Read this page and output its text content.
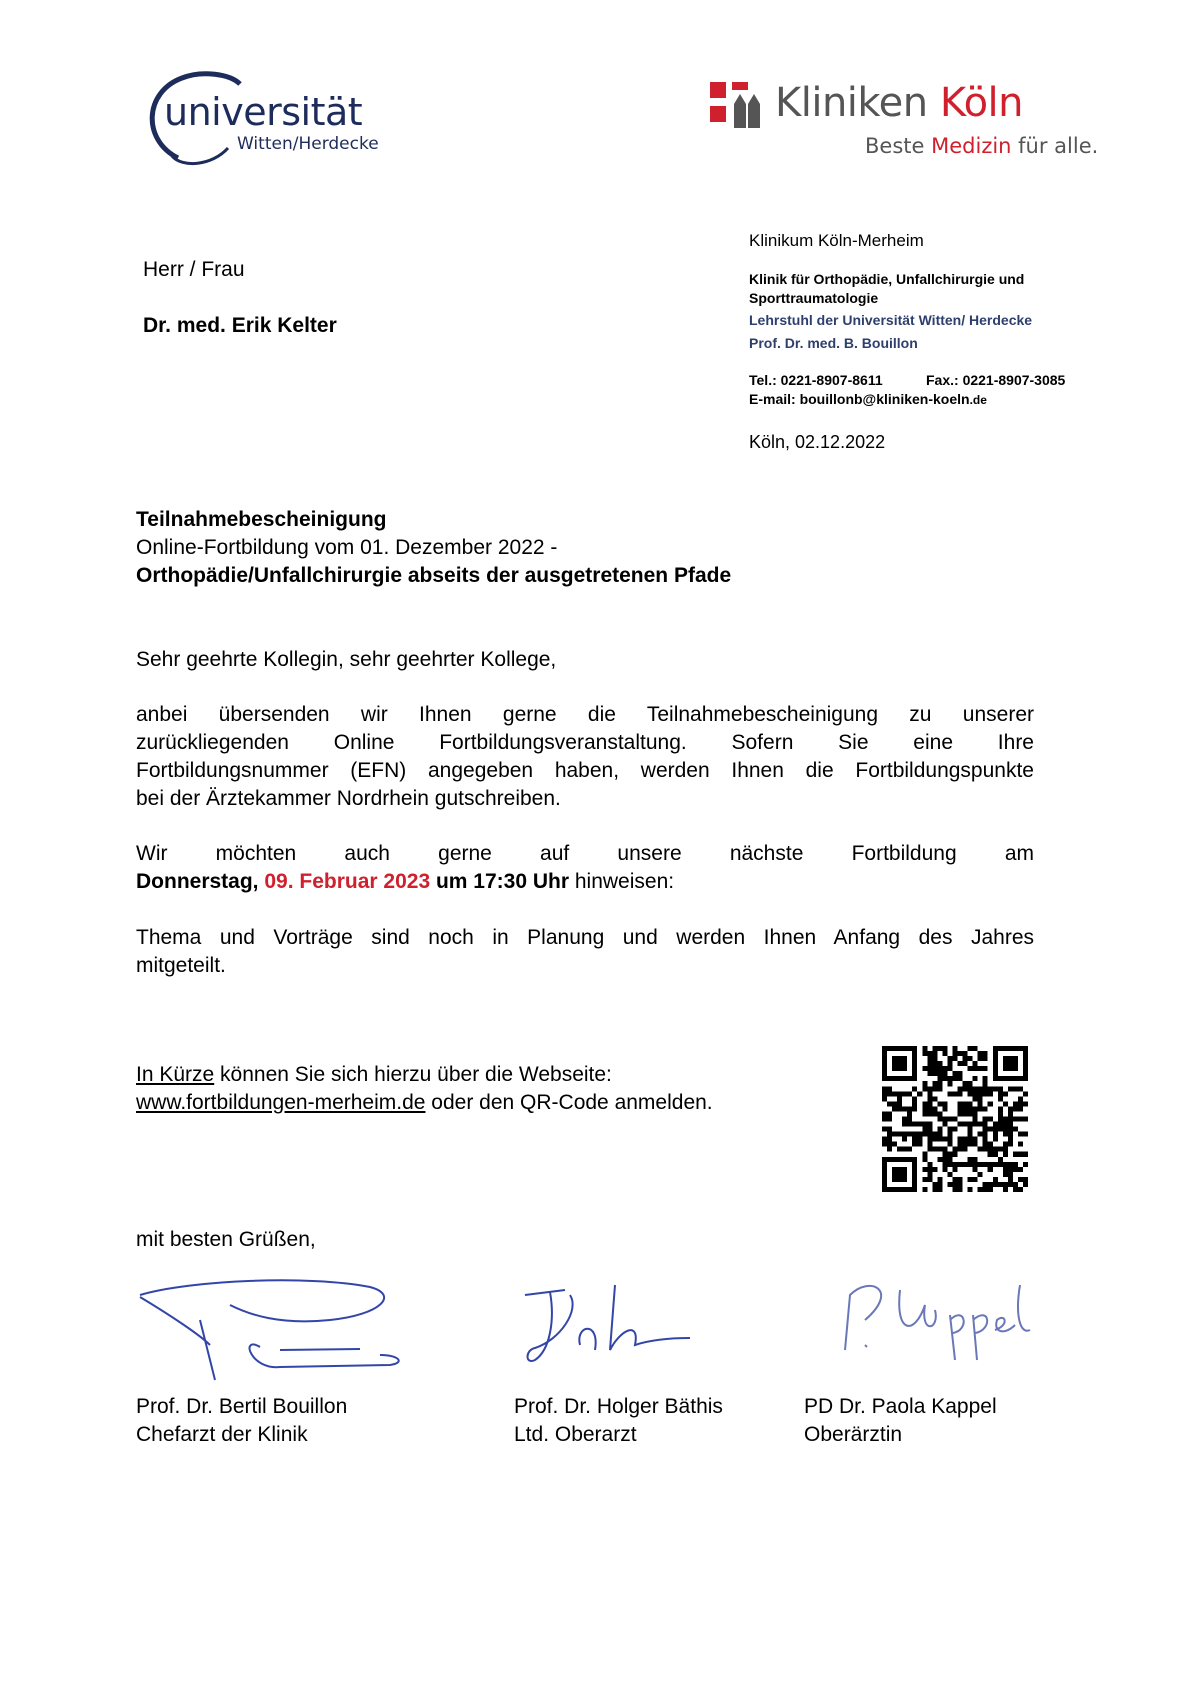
universität
Witten/Herdecke
Kliniken Köln
Beste Medizin für alle.
Herr / Frau
Dr. med. Erik Kelter
Klinikum Köln-Merheim
Klinik für Orthopädie, Unfallchirurgie und
Sporttraumatologie
Lehrstuhl der Universität Witten/ Herdecke
Prof. Dr. med. B. Bouillon
Tel.: 0221-8907-8611	Fax.: 0221-8907-3085
E-mail: bouillonb@kliniken-koeln.de
Köln, 02.12.2022
Teilnahmebescheinigung
Online-Fortbildung vom 01. Dezember 2022 -
Orthopädie/Unfallchirurgie abseits der ausgetretenen Pfade
Sehr geehrte Kollegin, sehr geehrter Kollege,
anbei übersenden wir Ihnen gerne die Teilnahmebescheinigung zu unserer
zurückliegenden Online Fortbildungsveranstaltung. Sofern Sie eine Ihre
Fortbildungsnummer (EFN) angegeben haben, werden Ihnen die Fortbildungspunkte
bei der Ärztekammer Nordrhein gutschreiben.
Wir möchten auch gerne auf unsere nächste Fortbildung am
Donnerstag, 09. Februar 2023 um 17:30 Uhr hinweisen:
Thema und Vorträge sind noch in Planung und werden Ihnen Anfang des Jahres
mitgeteilt.
In Kürze können Sie sich hierzu über die Webseite:
www.fortbildungen-merheim.de oder den QR-Code anmelden.
mit besten Grüßen,
Prof. Dr. Bertil Bouillon
Chefarzt der Klinik
Prof. Dr. Holger Bäthis
Ltd. Oberarzt
PD Dr. Paola Kappel
Oberärztin
